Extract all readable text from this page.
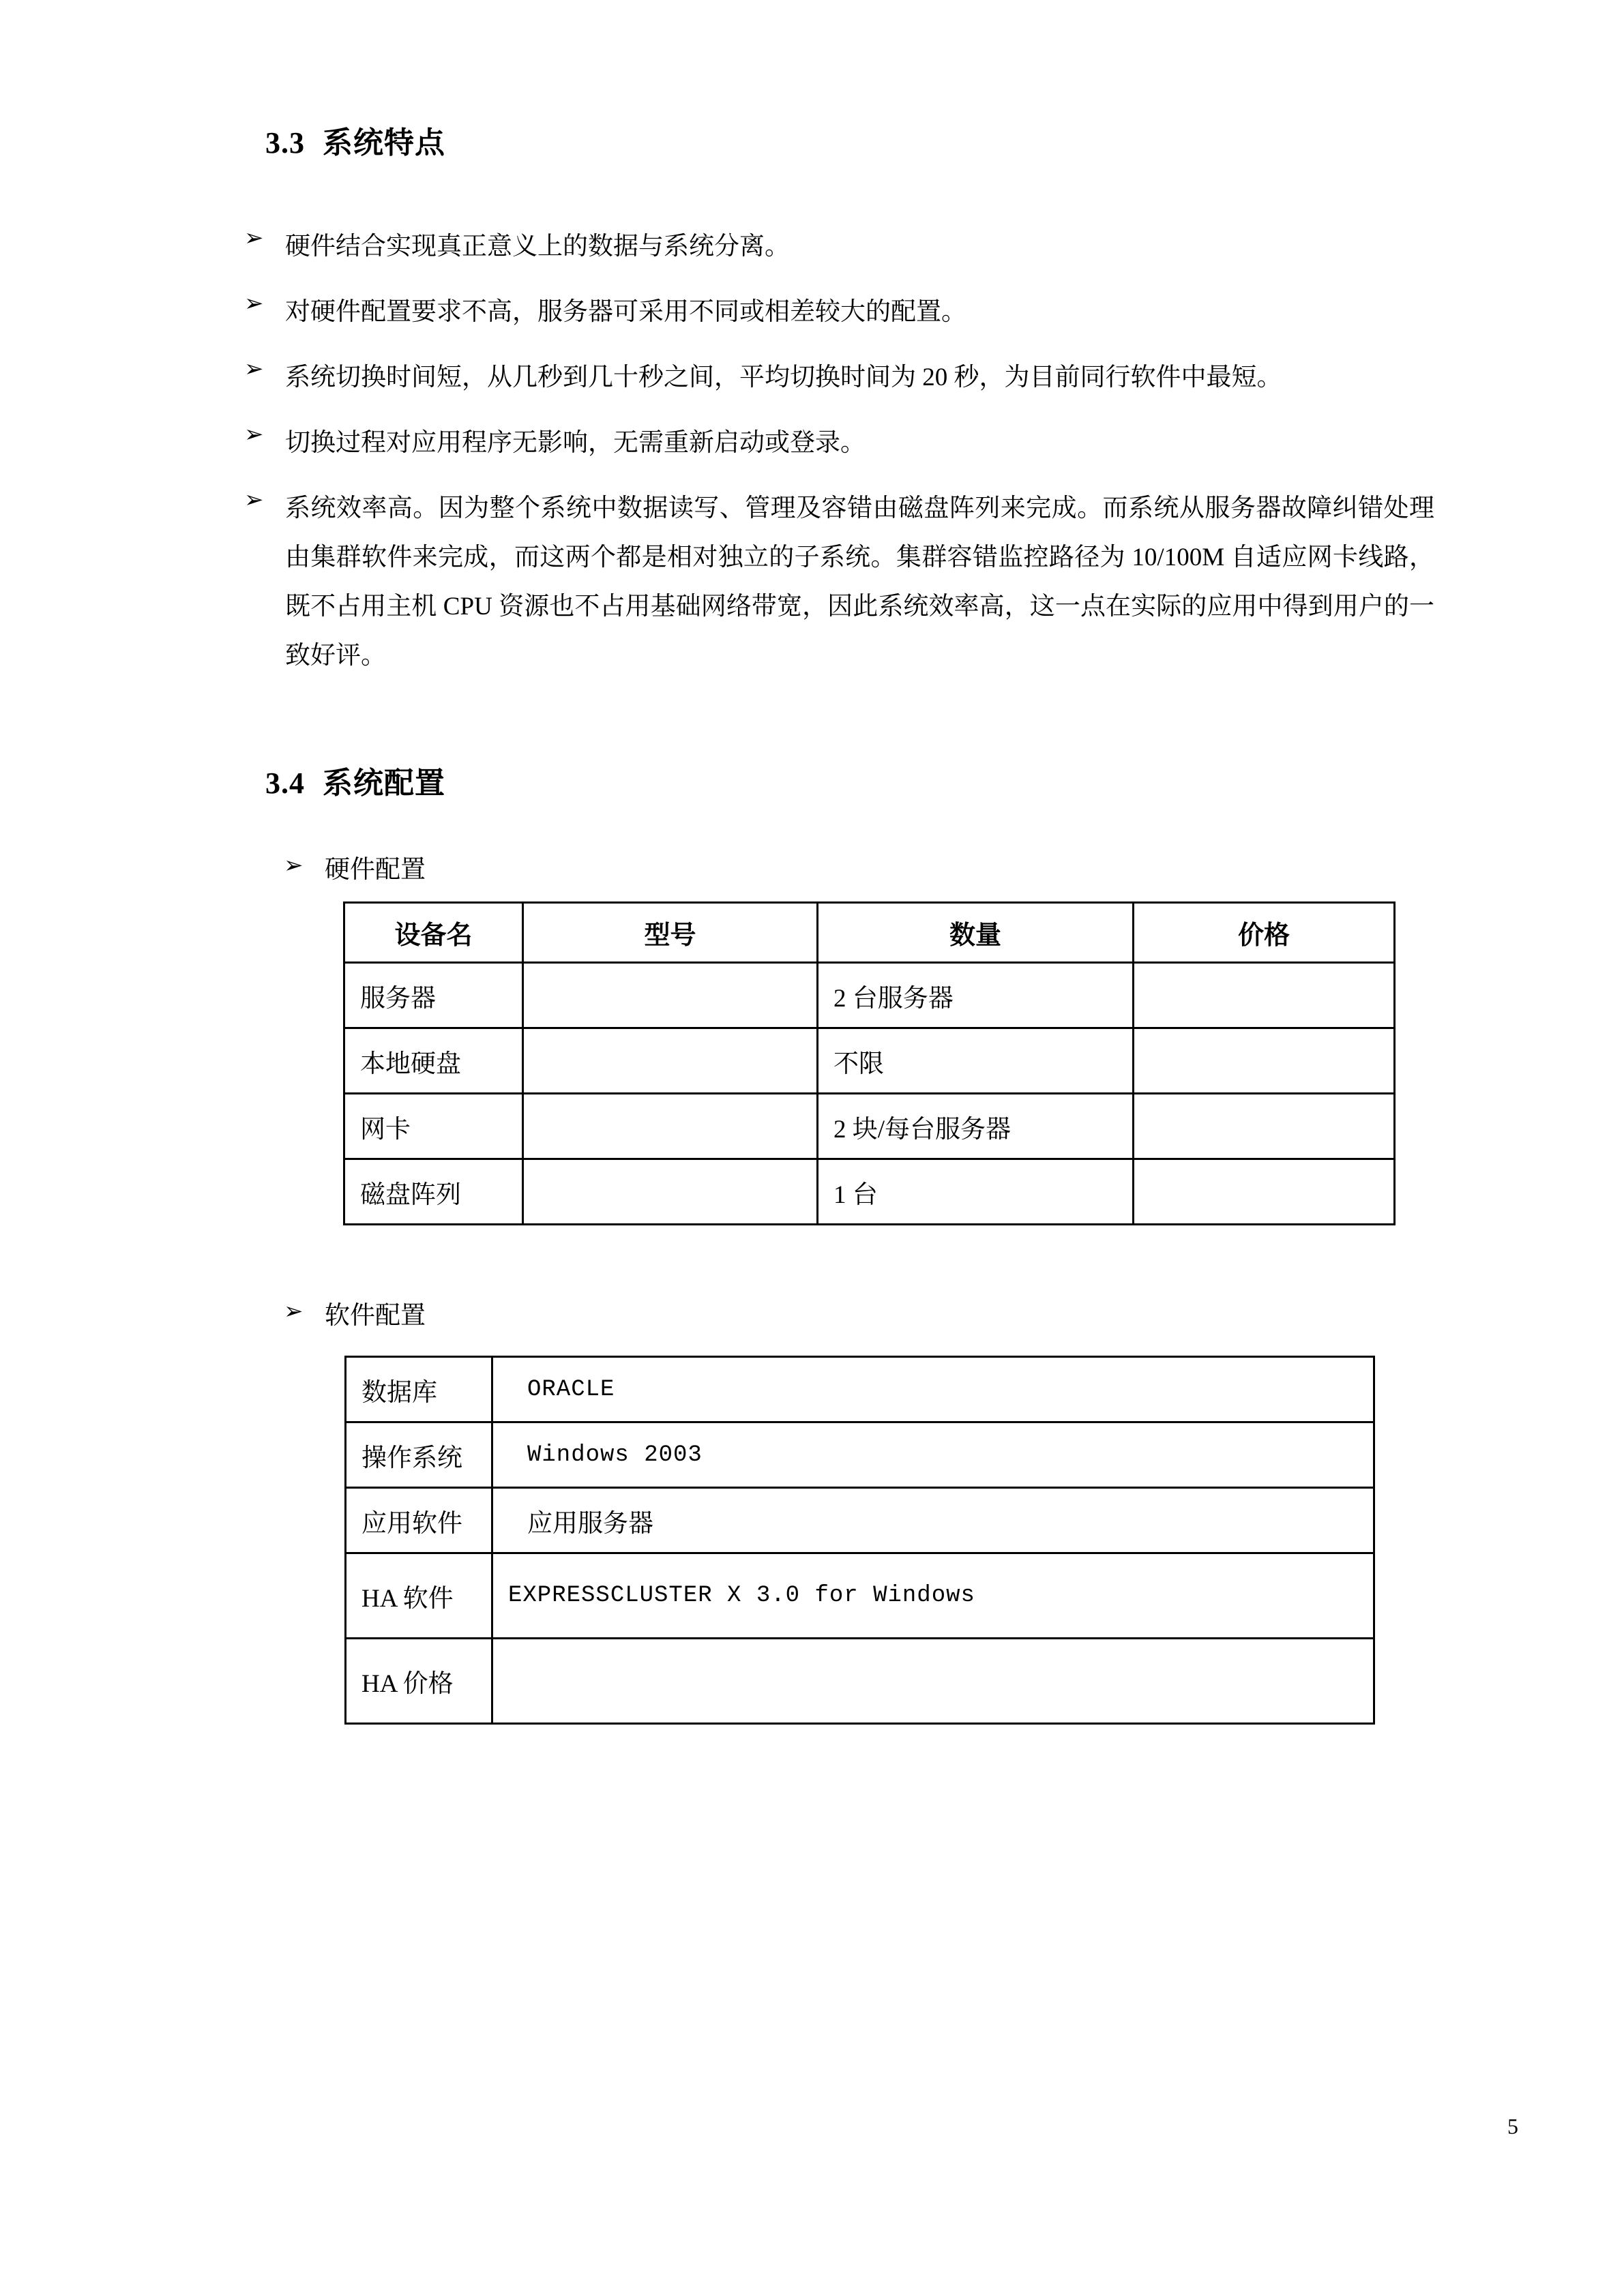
3.3 系统特点
➢ 硬件结合实现真正意义上的数据与系统分离。
➢ 对硬件配置要求不高，服务器可采用不同或相差较大的配置。
➢ 系统切换时间短，从几秒到几十秒之间，平均切换时间为 20 秒，为目前同行软件中最短。
➢ 切换过程对应用程序无影响，无需重新启动或登录。
➢ 系统效率高。因为整个系统中数据读写、管理及容错由磁盘阵列来完成。而系统从服务器故障纠错处理由集群软件来完成，而这两个都是相对独立的子系统。集群容错监控路径为 10/100M 自适应网卡线路，既不占用主机 CPU 资源也不占用基础网络带宽，因此系统效率高，这一点在实际的应用中得到用户的一致好评。
3.4 系统配置
➢ 硬件配置
设备名	型号	数量	价格
服务器		2 台服务器	
本地硬盘		不限	
网卡		2 块/每台服务器	
磁盘阵列		1 台	
➢ 软件配置
数据库	ORACLE
操作系统	Windows 2003
应用软件	应用服务器
HA 软件	EXPRESSCLUSTER X 3.0 for Windows
HA 价格	
5
